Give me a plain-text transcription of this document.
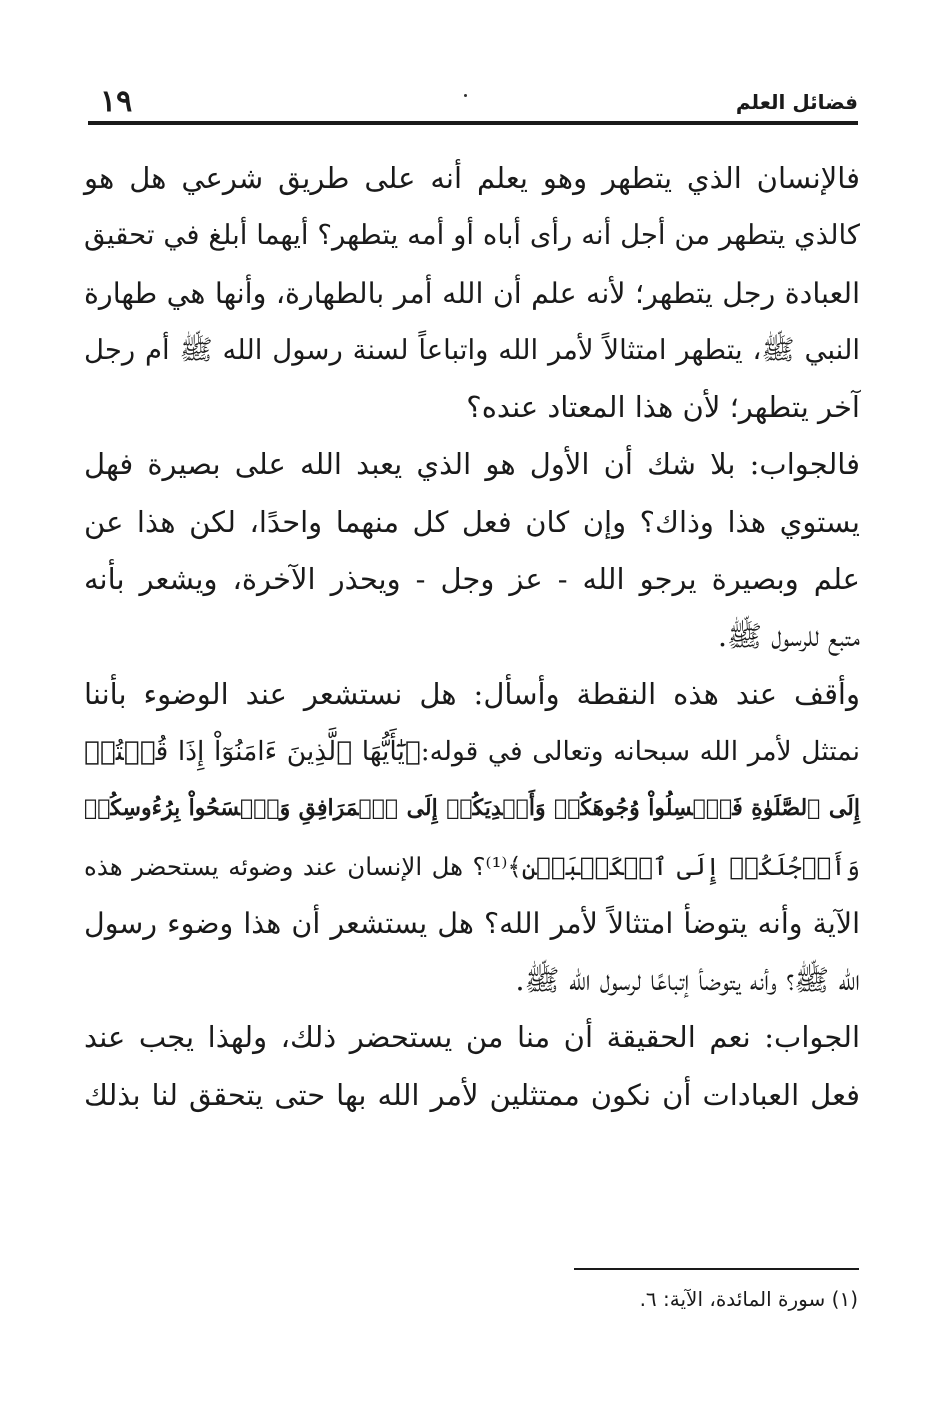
فضائل العلم
١٩
فالإنسان الذي يتطهر وهو يعلم أنه على طريق شرعي هل هو
كالذي يتطهر من أجل أنه رأى أباه أو أمه يتطهر؟ أيهما أبلغ في تحقيق
العبادة رجل يتطهر؛ لأنه علم أن الله أمر بالطهارة، وأنها هي طهارة
النبي ﷺ، يتطهر امتثالاً لأمر الله واتباعاً لسنة رسول الله ﷺ أم رجل
آخر يتطهر؛ لأن هذا المعتاد عنده؟
فالجواب: بلا شك أن الأول هو الذي يعبد الله على بصيرة فهل
يستوي هذا وذاك؟ وإن كان فعل كل منهما واحدًا، لكن هذا عن
علم وبصيرة يرجو الله - عز وجل - ويحذر الآخرة، ويشعر بأنه
متبع للرسول ﷺ.
وأقف عند هذه النقطة وأسأل: هل نستشعر عند الوضوء بأننا
نمتثل لأمر الله سبحانه وتعالى في قوله:﴿يَٰٓأَيُّهَا ٱلَّذِينَ ءَامَنُوٓاْ إِذَا قُمۡتُمۡ
إِلَى ٱلصَّلَوٰةِ فَٱغۡسِلُواْ وُجُوهَكُمۡ وَأَيۡدِيَكُمۡ إِلَى ٱلۡمَرَافِقِ وَٱمۡسَحُواْ بِرُءُوسِكُمۡ
وَأَرۡجُلَكُمۡ إِلَى ٱلۡكَعۡبَيۡنِ﴾⁽¹⁾؟ هل الإنسان عند وضوئه يستحضر هذه
الآية وأنه يتوضأ امتثالاً لأمر الله؟ هل يستشعر أن هذا وضوء رسول
الله ﷺ؟ وأنه يتوضأ إتباعًا لرسول الله ﷺ.
الجواب: نعم الحقيقة أن منا من يستحضر ذلك، ولهذا يجب عند
فعل العبادات أن نكون ممتثلين لأمر الله بها حتى يتحقق لنا بذلك
(١) سورة المائدة، الآية: ٦.
